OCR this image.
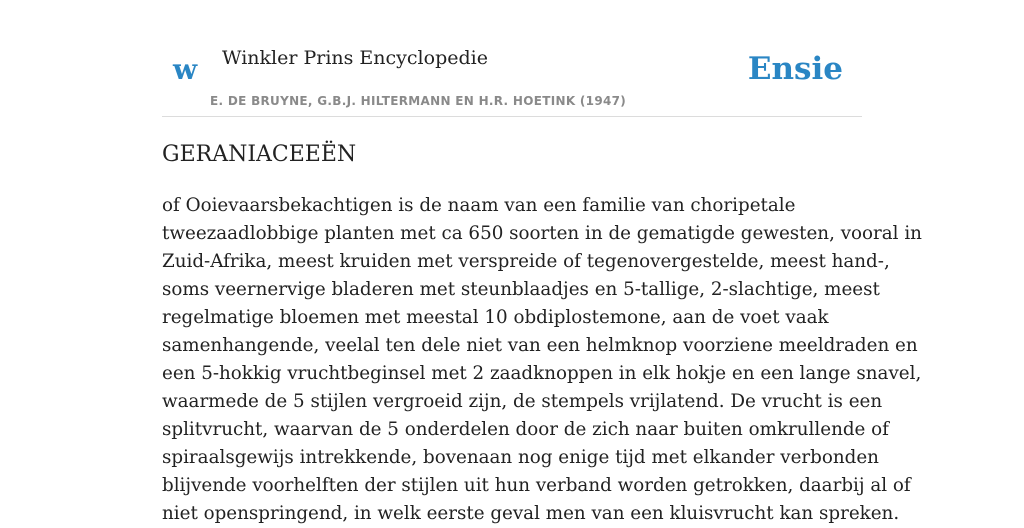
w Winkler Prins Encyclopedie
E. DE BRUYNE, G.B.J. HILTERMANN EN H.R. HOETINK (1947)
Ensie
GERANIACEEËN

of Ooievaarsbekachtigen is de naam van een familie van choripetale
tweezaadlobbige planten met ca 650 soorten in de gematigde gewesten, vooral in
Zuid-Afrika, meest kruiden met verspreide of tegenovergestelde, meest hand-,
soms veernervige bladeren met steunblaadjes en 5-tallige, 2-slachtige, meest
regelmatige bloemen met meestal 10 obdiplostemone, aan de voet vaak
samenhangende, veelal ten dele niet van een helmknop voorziene meeldraden en
een 5-hokkig vruchtbeginsel met 2 zaadknoppen in elk hokje en een lange snavel,
waarmede de 5 stijlen vergroeid zijn, de stempels vrijlatend. De vrucht is een
splitvrucht, waarvan de 5 onderdelen door de zich naar buiten omkrullende of
spiraalsgewijs intrekkende, bovenaan nog enige tijd met elkander verbonden
blijvende voorhelften der stijlen uit hun verband worden getrokken, daarbij al of
niet openspringend, in welk eerste geval men van een kluisvrucht kan spreken.
